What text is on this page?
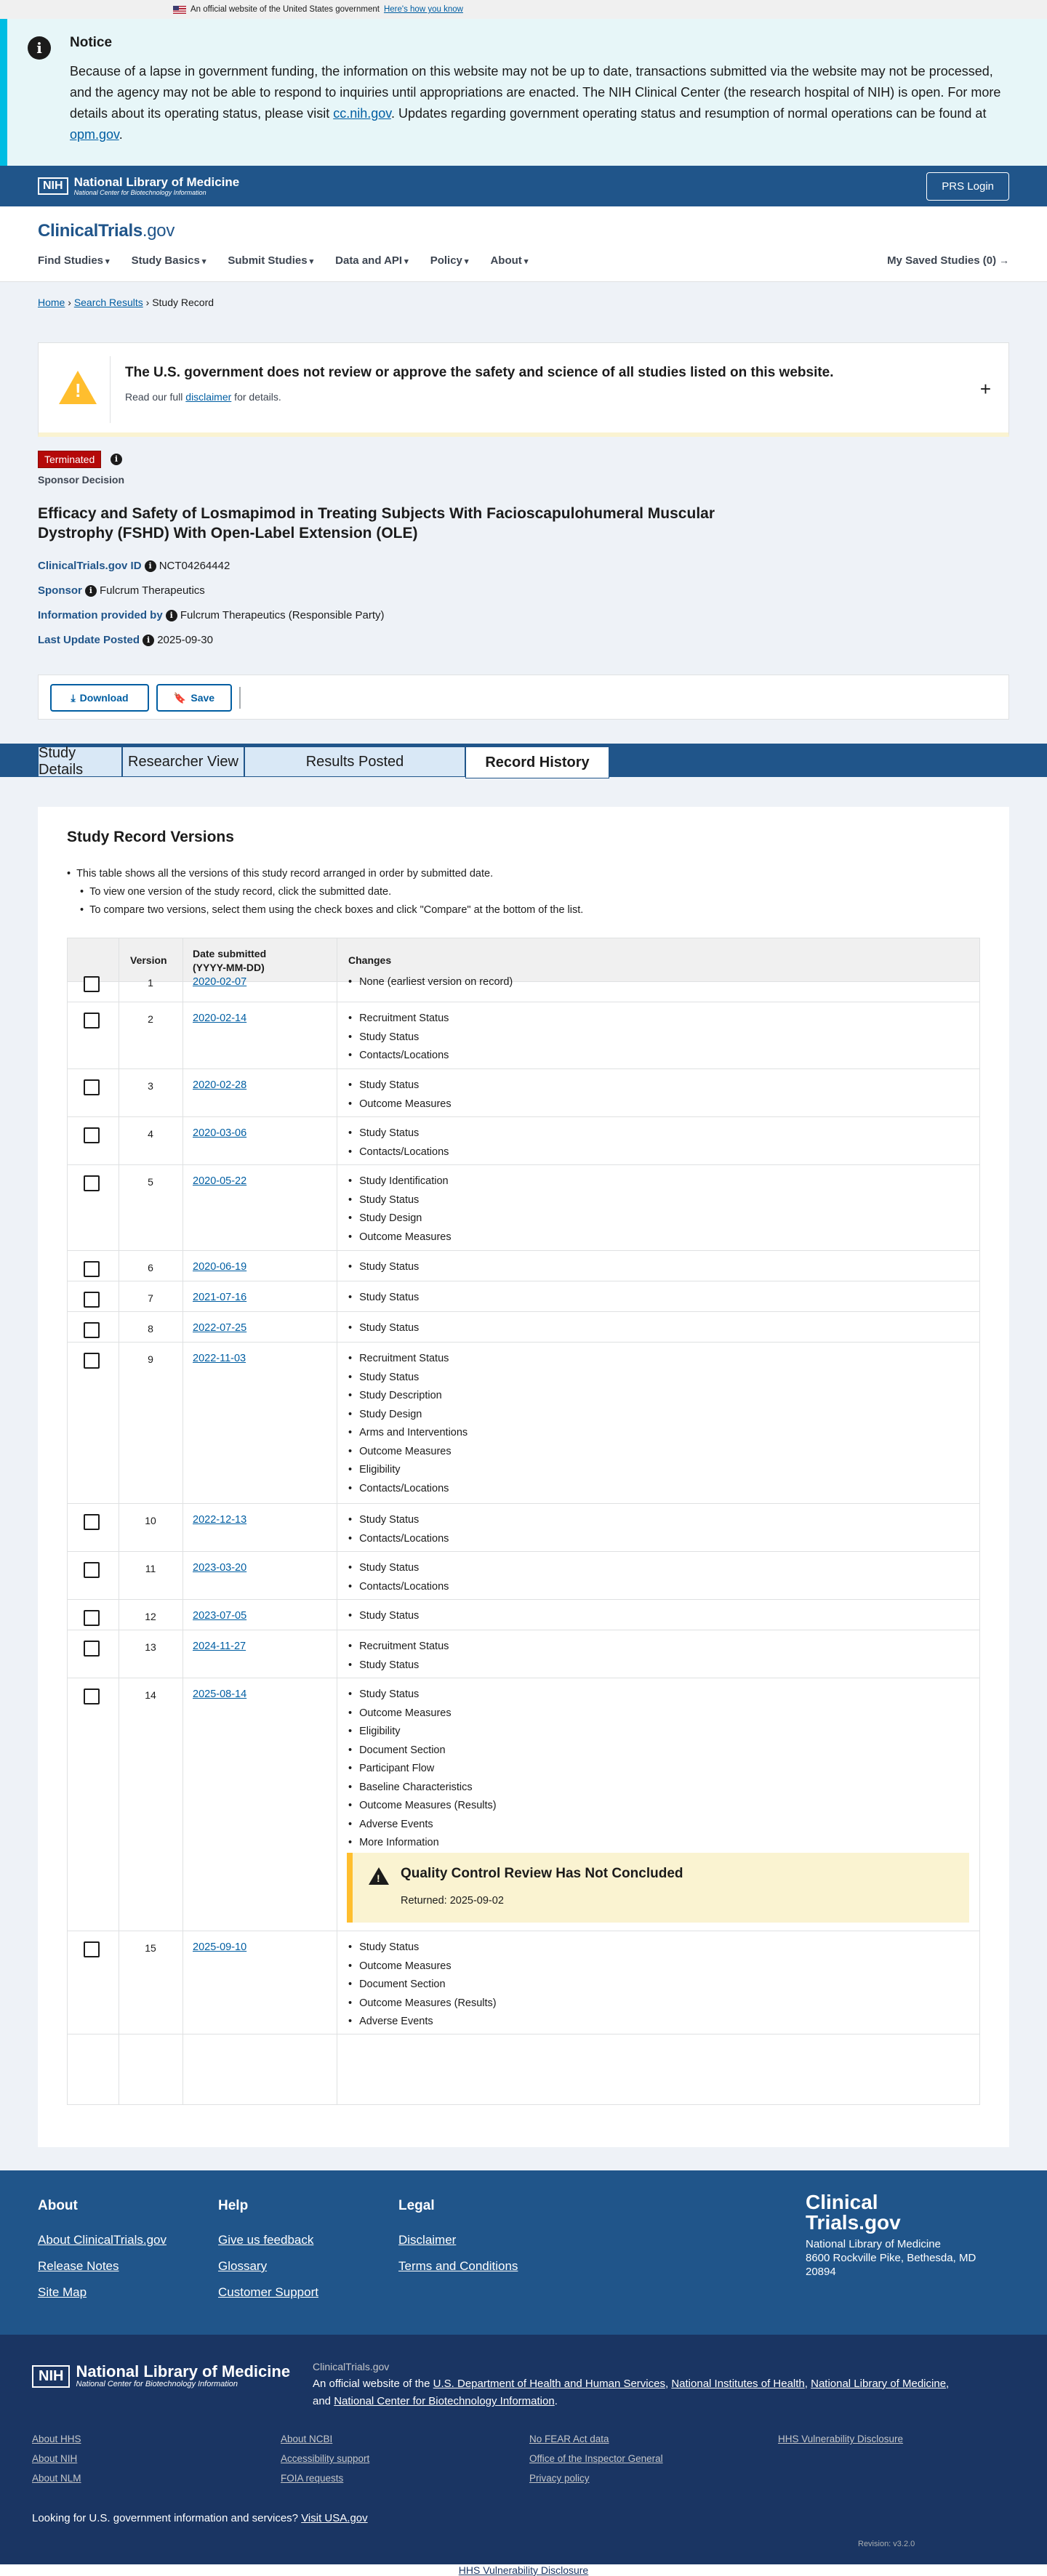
An official website of the United States government Here's how you know
i	Notice

Because of a lapse in government funding, the information on this website may not be up to date, transactions submitted via the website may not be processed, and the agency may not be able to respond to inquiries until appropriations are enacted. The NIH Clinical Center (the research hospital of NIH) is open. For more details about its operating status, please visit cc.nih.gov. Updates regarding government operating status and resumption of normal operations can be found at opm.gov.

NIH National Library of Medicine
National Center for Biotechnology Information	PRS Login
ClinicalTrials.gov
Find Studies ▾	Study Basics ▾	Submit Studies ▾	Data and API ▾	Policy ▾	About ▾	My Saved Studies (0) →
Home › Search Results › Study Record
!
The U.S. government does not review or approve the safety and science of all studies listed on this website.

Read our full disclaimer for details.	+
Terminated	i
Sponsor Decision
Efficacy and Safety of Losmapimod in Treating Subjects With Facioscapulohumeral Muscular Dystrophy (FSHD) With Open-Label Extension (OLE)
ClinicalTrials.gov ID i NCT04264442
Sponsor i Fulcrum Therapeutics
Information provided by i Fulcrum Therapeutics (Responsible Party)
Last Update Posted i 2025-09-30
⤓ Download	🔖 Save
Study Details
Researcher View	Results Posted	Record History
Study Record Versions
• This table shows all the versions of this study record arranged in order by submitted date.
• To view one version of the study record, click the submitted date.
• To compare two versions, select them using the check boxes and click "Compare" at the bottom of the list.
Version
Date submitted
(YYYY-MM-DD)
Changes
1	2020-02-07	• None (earliest version on record)
2	2020-02-14	• Recruitment Status
• Study Status
• Contacts/Locations
3	2020-02-28	• Study Status
• Outcome Measures
4	2020-03-06	• Study Status
• Contacts/Locations
5	2020-05-22	• Study Identification
• Study Status
• Study Design
• Outcome Measures
6	2020-06-19	• Study Status
7	2021-07-16	• Study Status
8	2022-07-25	• Study Status
9	2022-11-03	• Recruitment Status
• Study Status
• Study Description
• Study Design
• Arms and Interventions
• Outcome Measures
• Eligibility
• Contacts/Locations
10	2022-12-13	• Study Status
• Contacts/Locations
11	2023-03-20	• Study Status
• Contacts/Locations
12	2023-07-05	• Study Status
13	2024-11-27	• Recruitment Status
• Study Status
14	2025-08-14	• Study Status
• Outcome Measures
• Eligibility
• Document Section
• Participant Flow
• Baseline Characteristics
• Outcome Measures (Results)
• Adverse Events
• More Information
! Quality Control Review Has Not Concluded

Returned: 2025-09-02

15	2025-09-10	• Study Status
• Outcome Measures
• Document Section
• Outcome Measures (Results)
• Adverse Events
About
About ClinicalTrials.gov
Release Notes
Site Map
Help
Give us feedback
Glossary
Customer Support
Legal
Disclaimer
Terms and Conditions
Clinical
Trials.gov
National Library of Medicine
8600 Rockville Pike, Bethesda, MD
20894
NIH National Library of Medicine
National Center for Biotechnology Information
ClinicalTrials.gov
An official website of the U.S. Department of Health and Human Services, National Institutes of Health, National Library of Medicine,
and National Center for Biotechnology Information.
About HHS
About NIH
About NLM
About NCBI
Accessibility support
FOIA requests
No FEAR Act data
Office of the Inspector General
Privacy policy
HHS Vulnerability Disclosure
Looking for U.S. government information and services? Visit USA.gov
Revision: v3.2.0
HHS Vulnerability Disclosure
